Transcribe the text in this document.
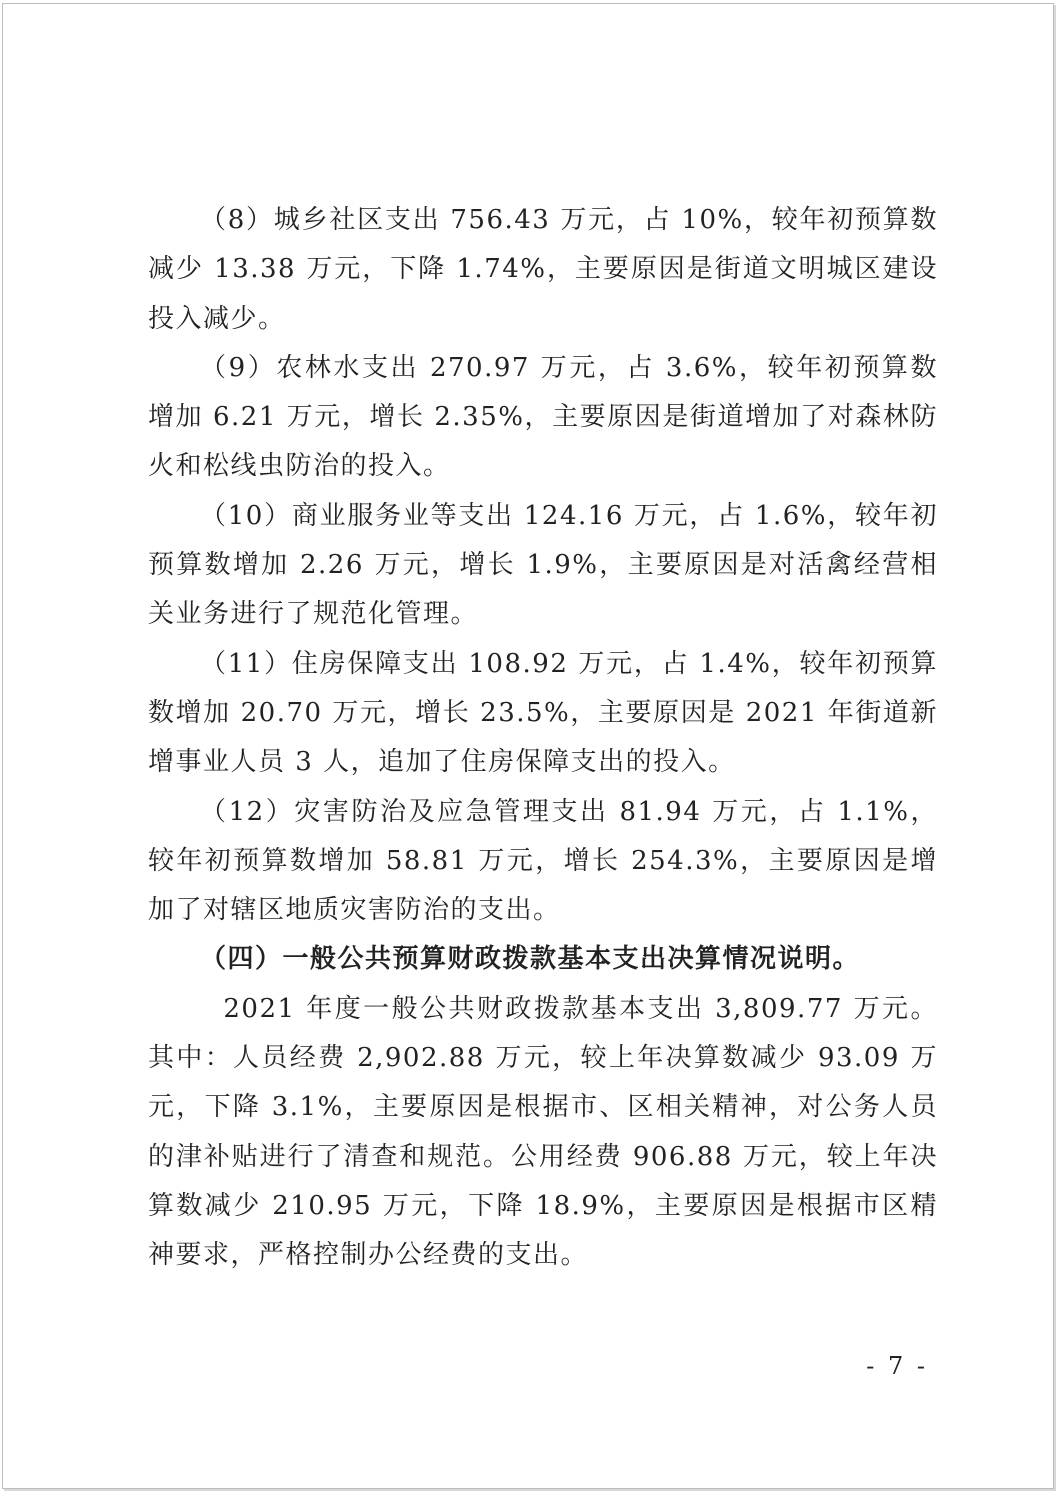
（8）城乡社区支出 756.43 万元，占 10%，较年初预算数减少 13.38 万元，下降 1.74%，主要原因是街道文明城区建设投入减少。

（9）农林水支出 270.97 万元，占 3.6%，较年初预算数增加 6.21 万元，增长 2.35%，主要原因是街道增加了对森林防火和松线虫防治的投入。

（10）商业服务业等支出 124.16 万元，占 1.6%，较年初预算数增加 2.26 万元，增长 1.9%，主要原因是对活禽经营相关业务进行了规范化管理。

（11）住房保障支出 108.92 万元，占 1.4%，较年初预算数增加 20.70 万元，增长 23.5%，主要原因是 2021 年街道新增事业人员 3 人，追加了住房保障支出的投入。

（12）灾害防治及应急管理支出 81.94 万元，占 1.1%，较年初预算数增加 58.81 万元，增长 254.3%，主要原因是增加了对辖区地质灾害防治的支出。

（四）一般公共预算财政拨款基本支出决算情况说明。

2021 年度一般公共财政拨款基本支出 3,809.77 万元。其中：人员经费 2,902.88 万元，较上年决算数减少 93.09 万元，下降 3.1%，主要原因是根据市、区相关精神，对公务人员的津补贴进行了清查和规范。公用经费 906.88 万元，较上年决算数减少 210.95 万元，下降 18.9%，主要原因是根据市区精神要求，严格控制办公经费的支出。

- 7 -
